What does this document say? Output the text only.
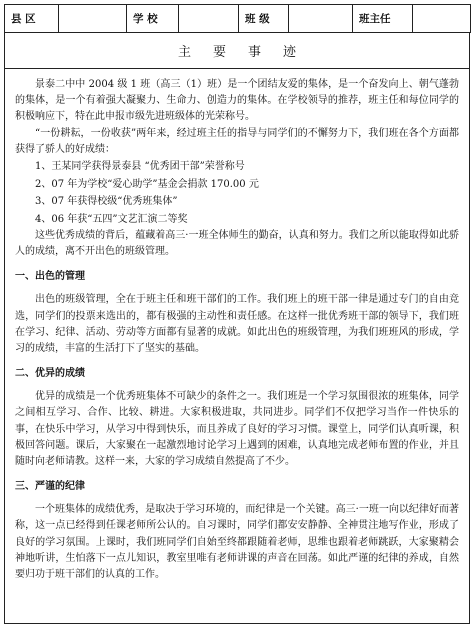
县 区		学 校		班 级		班主任	
主要事迹

景泰二中中 2004 级 1 班（高三（1）班）是一个团结友爱的集体，是一个奋发向上、朝气蓬勃的集体，是一个有着强大凝聚力、生命力、创造力的集体。在学校领导的推荐，班主任和每位同学的积极响应下，特在此申报市级先进班级体的光荣称号。

“一份耕耘，一份收获”两年来，经过班主任的指导与同学们的不懈努力下，我们班在各个方面都获得了骄人的好成绩：

1、王某同学获得景泰县 “优秀团干部”荣誉称号

2、07 年为学校“爱心助学”基金会捐款 170.00 元

3、07 年获得校级“优秀班集体”

4、06 年获“五四”文艺汇演二等奖

这些优秀成绩的背后，蕴藏着高三·一班全体师生的勤奋，认真和努力。我们之所以能取得如此骄人的成绩，离不开出色的班级管理。

一、出色的管理

出色的班级管理，全在于班主任和班干部们的工作。我们班上的班干部一律是通过专门的自由竞选，同学们的投票来选出的，都有极强的主动性和责任感。在这样一批优秀班干部的领导下，我们班在学习、纪律、活动、劳动等方面都有显著的成就。如此出色的班级管理，为我们班班风的形成，学习的成绩，丰富的生活打下了坚实的基础。

二、优异的成绩

优异的成绩是一个优秀班集体不可缺少的条件之一。我们班是一个学习氛围很浓的班集体，同学之间相互学习、合作、比较、耕进。大家积极进取，共同进步。同学们不仅把学习当作一件快乐的事，在快乐中学习，从学习中得到快乐，而且养成了良好的学习习惯。课堂上，同学们认真听课，积极回答问题。课后，大家聚在一起激烈地讨论学习上遇到的困难，认真地完成老师布置的作业，并且随时向老师请教。这样一来，大家的学习成绩自然提高了不少。

三、严谨的纪律

一个班集体的成绩优秀，是取决于学习环境的，而纪律是一个关键。高三·一班一向以纪律好而著称，这一点已经得到任课老师所公认的。自习课时，同学们都安安静静、全神贯注地写作业，形成了良好的学习氛围。上课时，我们班同学们自始至终都跟随着老师，思维也跟着老师跳跃，大家聚精会神地听讲，生怕落下一点儿知识，教室里唯有老师讲课的声音在回荡。如此严谨的纪律的养成，自然要归功于班干部们的认真的工作。
